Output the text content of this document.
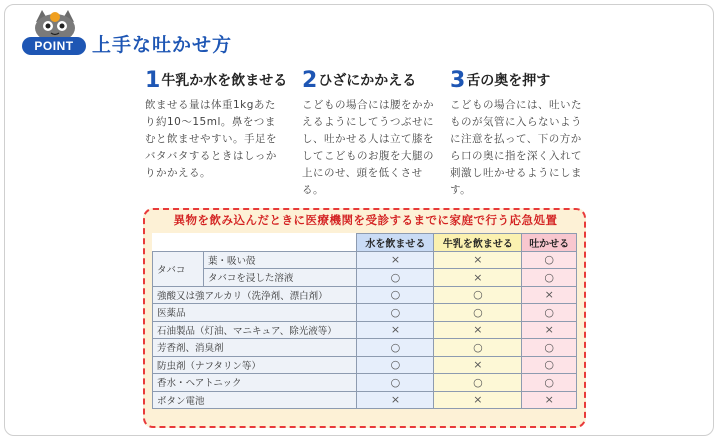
POINT 上手な吐かせ方
1牛乳か水を飲ませる
飲ませる量は体重1kgあたり約10～15ml。鼻をつまむと飲ませやすい。手足をバタバタするときはしっかりかかえる。
2ひざにかかえる
こどもの場合には腰をかかえるようにしてうつぶせにし、吐かせる人は立て膝をしてこどものお腹を大腿の上にのせ、頭を低くさせる。
3舌の奥を押す
こどもの場合には、吐いたものが気管に入らないように注意を払って、下の方から口の奥に指を深く入れて刺激し吐かせるようにします。
異物を飲み込んだときに医療機関を受診するまでに家庭で行う応急処置
		水を飲ませる	牛乳を飲ませる	吐かせる
タバコ	葉・吸い殻	×	×	○
	タバコを浸した溶液	○	×	○
強酸又は強アルカリ（洗浄剤、漂白剤）		○	○	×
医薬品		○	○	○
石油製品（灯油、マニキュア、除光液等）		×	×	×
芳香剤、消臭剤		○	○	○
防虫剤（ナフタリン等）		○	×	○
香水・ヘアトニック		○	○	○
ボタン電池		×	×	×
